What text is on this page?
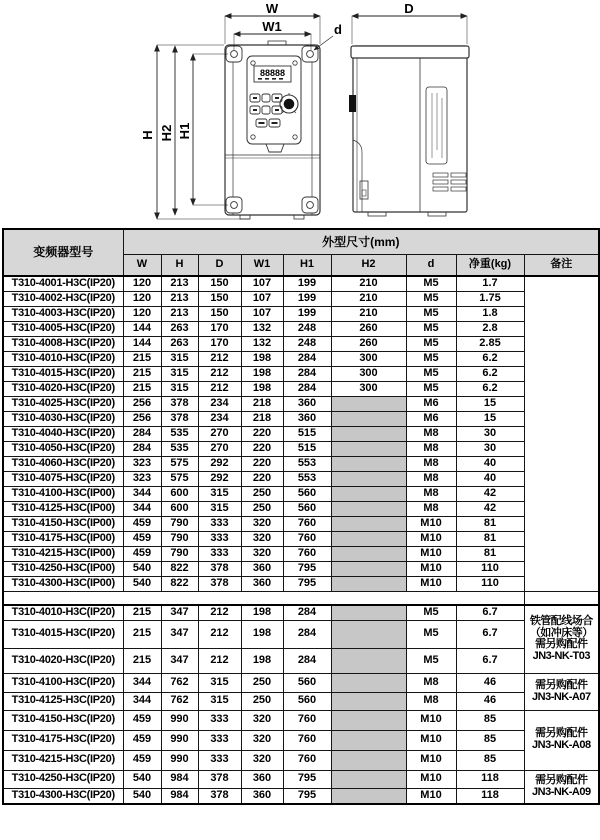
88888
W
W1	d
D
H H2 H1
变频器型号	外型尺寸(mm)								
	W	H	D	W1	H1	H2	d	净重(kg)	备注
T310-4001-H3C(IP20)	120	213	150	107	199	210	M5	1.7	
T310-4002-H3C(IP20)	120	213	150	107	199	210	M5	1.75	
T310-4003-H3C(IP20)	120	213	150	107	199	210	M5	1.8	
T310-4005-H3C(IP20)	144	263	170	132	248	260	M5	2.8	
T310-4008-H3C(IP20)	144	263	170	132	248	260	M5	2.85	
T310-4010-H3C(IP20)	215	315	212	198	284	300	M5	6.2	
T310-4015-H3C(IP20)	215	315	212	198	284	300	M5	6.2	
T310-4020-H3C(IP20)	215	315	212	198	284	300	M5	6.2	
T310-4025-H3C(IP20)	256	378	234	218	360		M6	15	
T310-4030-H3C(IP20)	256	378	234	218	360		M6	15	
T310-4040-H3C(IP20)	284	535	270	220	515		M8	30	
T310-4050-H3C(IP20)	284	535	270	220	515		M8	30	
T310-4060-H3C(IP20)	323	575	292	220	553		M8	40	
T310-4075-H3C(IP20)	323	575	292	220	553		M8	40	
T310-4100-H3C(IP00)	344	600	315	250	560		M8	42	
T310-4125-H3C(IP00)	344	600	315	250	560		M8	42	
T310-4150-H3C(IP00)	459	790	333	320	760		M10	81	
T310-4175-H3C(IP00)	459	790	333	320	760		M10	81	
T310-4215-H3C(IP00)	459	790	333	320	760		M10	81	
T310-4250-H3C(IP00)	540	822	378	360	795		M10	110	
T310-4300-H3C(IP00)	540	822	378	360	795		M10	110	

T310-4010-H3C(IP20)	215	347	212	198	284		M5	6.7	铁管配线场合
（如冲床等）
需另购配件
JN3-NK-T03

T310-4015-H3C(IP20)	215	347	212	198	284		M5	6.7	
T310-4020-H3C(IP20)	215	347	212	198	284		M5	6.7	
T310-4100-H3C(IP20)	344	762	315	250	560		M8	46	需另购配件
JN3-NK-A07

T310-4125-H3C(IP20)	344	762	315	250	560		M8	46	
T310-4150-H3C(IP20)	459	990	333	320	760		M10	85	需另购配件
JN3-NK-A08

T310-4175-H3C(IP20)	459	990	333	320	760		M10	85	
T310-4215-H3C(IP20)	459	990	333	320	760		M10	85	
T310-4250-H3C(IP20)	540	984	378	360	795		M10	118	需另购配件
JN3-NK-A09

T310-4300-H3C(IP20)	540	984	378	360	795		M10	118	
